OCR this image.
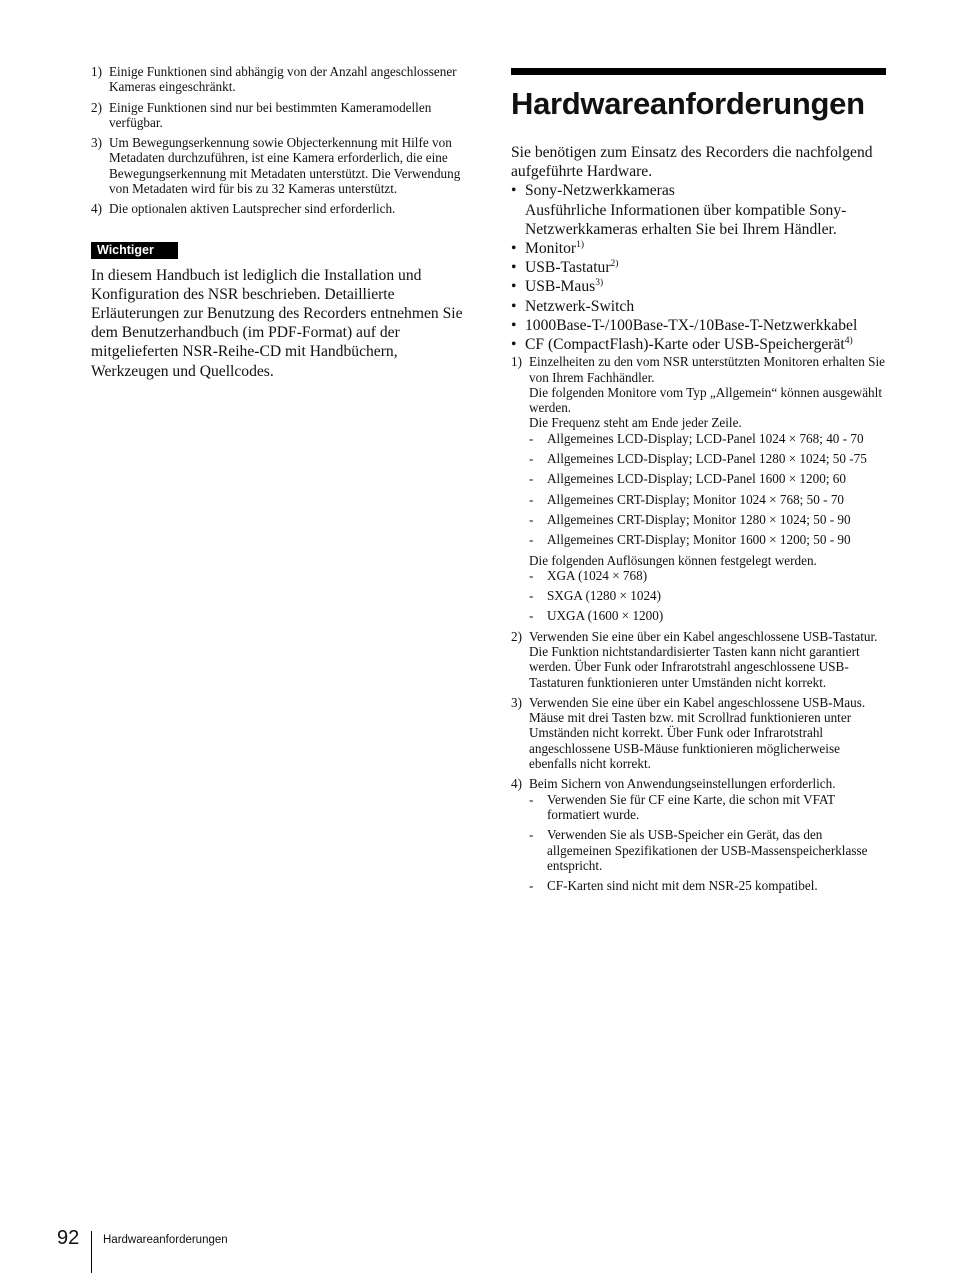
1) Einige Funktionen sind abhängig von der Anzahl angeschlossener Kameras eingeschränkt.
2) Einige Funktionen sind nur bei bestimmten Kameramodellen verfügbar.
3) Um Bewegungserkennung sowie Objecterkennung mit Hilfe von Metadaten durchzuführen, ist eine Kamera erforderlich, die eine Bewegungserkennung mit Metadaten unterstützt. Die Verwendung von Metadaten wird für bis zu 32 Kameras unterstützt.
4) Die optionalen aktiven Lautsprecher sind erforderlich.
Wichtiger

In diesem Handbuch ist lediglich die Installation und Konfiguration des NSR beschrieben. Detaillierte Erläuterungen zur Benutzung des Recorders entnehmen Sie dem Benutzerhandbuch (im PDF-Format) auf der mitgelieferten NSR-Reihe-CD mit Handbüchern, Werkzeugen und Quellcodes.

Hardwareanforderungen

Sie benötigen zum Einsatz des Recorders die nachfolgend aufgeführte Hardware.

• Sony-Netzwerkkameras
Ausführliche Informationen über kompatible Sony-Netzwerkkameras erhalten Sie bei Ihrem Händler.
• Monitor$^{1)}$
• USB-Tastatur$^{2)}$
• USB-Maus$^{3)}$
• Netzwerk-Switch
• 1000Base-T-/100Base-TX-/10Base-T-Netzwerkkabel
• CF (CompactFlash)-Karte oder USB-Speichergerät$^{4)}$
1) Einzelheiten zu den vom NSR unterstützten Monitoren erhalten Sie von Ihrem Fachhändler.
Die folgenden Monitore vom Typ „Allgemein“ können ausgewählt werden.
Die Frequenz steht am Ende jeder Zeile.
- Allgemeines LCD-Display; LCD-Panel 1024 × 768; 40 - 70
- Allgemeines LCD-Display; LCD-Panel 1280 × 1024; 50 -75
- Allgemeines LCD-Display; LCD-Panel 1600 × 1200; 60
- Allgemeines CRT-Display; Monitor 1024 × 768; 50 - 70
- Allgemeines CRT-Display; Monitor 1280 × 1024; 50 - 90
- Allgemeines CRT-Display; Monitor 1600 × 1200; 50 - 90
Die folgenden Auflösungen können festgelegt werden.
- XGA (1024 × 768)
- SXGA (1280 × 1024)
- UXGA (1600 × 1200)
2) Verwenden Sie eine über ein Kabel angeschlossene USB-Tastatur. Die Funktion nichtstandardisierter Tasten kann nicht garantiert werden. Über Funk oder Infrarotstrahl angeschlossene USB-Tastaturen funktionieren unter Umständen nicht korrekt.
3) Verwenden Sie eine über ein Kabel angeschlossene USB-Maus. Mäuse mit drei Tasten bzw. mit Scrollrad funktionieren unter Umständen nicht korrekt. Über Funk oder Infrarotstrahl angeschlossene USB-Mäuse funktionieren möglicherweise ebenfalls nicht korrekt.
4) Beim Sichern von Anwendungseinstellungen erforderlich.
- Verwenden Sie für CF eine Karte, die schon mit VFAT formatiert wurde.
- Verwenden Sie als USB-Speicher ein Gerät, das den allgemeinen Spezifikationen der USB-Massenspeicherklasse entspricht.
- CF-Karten sind nicht mit dem NSR-25 kompatibel.
92 Hardwareanforderungen
